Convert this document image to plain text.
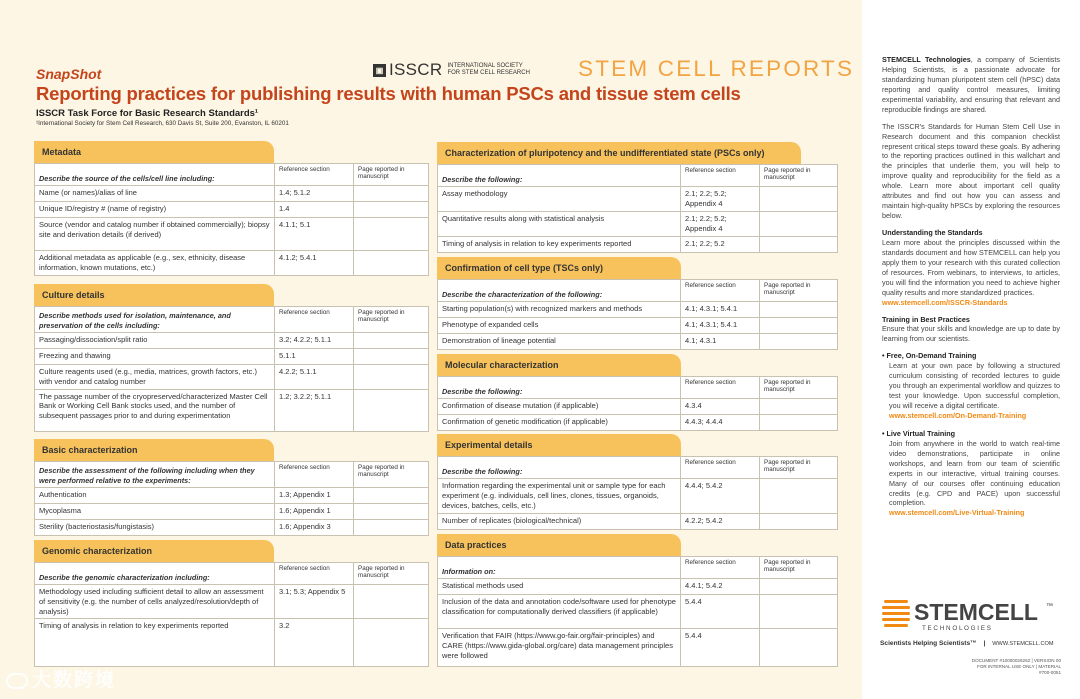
SnapShot
Reporting practices for publishing results with human PSCs and tissue stem cells
ISSCR Task Force for Basic Research Standards¹
¹International Society for Stem Cell Research, 630 Davis St, Suite 200, Evanston, IL 60201
▣ ISSCR INTERNATIONAL SOCIETY
FOR STEM CELL RESEARCH STEM CELL REPORTS
Metadata
Describe the source of the cells/cell line including:	Reference section	Page reported in manuscript
Name (or names)/alias of line	1.4; 5.1.2	
Unique ID/registry # (name of registry)	1.4	
Source (vendor and catalog number if obtained commercially); biopsy site and derivation details (if derived)	4.1.1; 5.1	
Additional metadata as applicable (e.g., sex, ethnicity, disease information, known mutations, etc.)	4.1.2; 5.4.1	
Culture details
Describe methods used for isolation, maintenance, and preservation of the cells including:	Reference section	Page reported in manuscript
Passaging/dissociation/split ratio	3.2; 4.2.2; 5.1.1	
Freezing and thawing	5.1.1	
Culture reagents used (e.g., media, matrices, growth factors, etc.) with vendor and catalog number	4.2.2; 5.1.1	
The passage number of the cryopreserved/characterized Master Cell Bank or Working Cell Bank stocks used, and the number of subsequent passages prior to and during experimentation	1.2; 3.2.2; 5.1.1	
Basic characterization
Describe the assessment of the following including when they were performed relative to the experiments:	Reference section	Page reported in manuscript
Authentication	1.3; Appendix 1	
Mycoplasma	1.6; Appendix 1	
Sterility (bacteriostasis/fungistasis)	1.6; Appendix 3	
Genomic characterization
Describe the genomic characterization including:	Reference section	Page reported in manuscript
Methodology used including sufficient detail to allow an assessment of sensitivity (e.g. the number of cells analyzed/resolution/depth of analysis)	3.1; 5.3; Appendix 5	
Timing of analysis in relation to key experiments reported	3.2	
Characterization of pluripotency and the undifferentiated state (PSCs only)
Describe the following:	Reference section	Page reported in manuscript
Assay methodology	2.1; 2.2; 5.2; Appendix 4	
Quantitative results along with statistical analysis	2.1; 2.2; 5.2; Appendix 4	
Timing of analysis in relation to key experiments reported	2.1; 2.2; 5.2	
Confirmation of cell type (TSCs only)
Describe the characterization of the following:	Reference section	Page reported in manuscript
Starting population(s) with recognized markers and methods	4.1; 4.3.1; 5.4.1	
Phenotype of expanded cells	4.1; 4.3.1; 5.4.1	
Demonstration of lineage potential	4.1; 4.3.1	
Molecular characterization
Describe the following:	Reference section	Page reported in manuscript
Confirmation of disease mutation (if applicable)	4.3.4	
Confirmation of genetic modification (if applicable)	4.4.3; 4.4.4	
Experimental details
Describe the following:	Reference section	Page reported in manuscript
Information regarding the experimental unit or sample type for each experiment (e.g. individuals, cell lines, clones, tissues, organoids, devices, batches, cells, etc.)	4.4.4; 5.4.2	
Number of replicates (biological/technical)	4.2.2; 5.4.2	
Data practices
Information on:	Reference section	Page reported in manuscript
Statistical methods used	4.4.1; 5.4.2	
Inclusion of the data and annotation code/software used for phenotype classification for computationally derived classifiers (if applicable)	5.4.4	
Verification that FAIR (https://www.go-fair.org/fair-principles) and CARE (https://www.gida-global.org/care) data management principles were followed	5.4.4	

STEMCELL Technologies, a company of Scientists Helping Scientists, is a passionate advocate for standardizing human pluripotent stem cell (hPSC) data reporting and quality control measures, limiting experimental variability, and ensuring that relevant and reproducible findings are shared.

The ISSCR's Standards for Human Stem Cell Use in Research document and this companion checklist represent critical steps toward these goals. By adhering to the reporting practices outlined in this wallchart and the principles that underlie them, you will help to improve quality and reproducibility for the field as a whole. Learn more about important cell quality attributes and find out how you can assess and maintain high-quality hPSCs by exploring the resources below.

Understanding the Standards
Learn more about the principles discussed within the standards document and how STEMCELL can help you apply them to your research with this curated collection of resources. From webinars, to interviews, to articles, you will find the information you need to achieve higher quality results and more standardized practices.
www.stemcell.com/ISSCR-Standards

Training in Best Practices
Ensure that your skills and knowledge are up to date by learning from our scientists.

• Free, On-Demand Training
Learn at your own pace by following a structured curriculum consisting of recorded lectures to guide you through an experimental workflow and quizzes to test your knowledge. Upon successful completion, you will receive a digital certificate.
www.stemcell.com/On-Demand-Training
• Live Virtual Training
Join from anywhere in the world to watch real-time video demonstrations, participate in online workshops, and learn from our team of scientific experts in our interactive, virtual training courses. Many of our courses offer continuing education credits (e.g. CPD and PACE) upon successful completion.
www.stemcell.com/Live-Virtual-Training
STEMCELL ™
T E C H N O L O G I E S
Scientists Helping Scientists™ | WWW.STEMCELL.COM
DOCUMENT #10000026262 | VERSION 00
FOR INTERNAL USE ONLY | MATERIAL #700-0051
大数跨境
